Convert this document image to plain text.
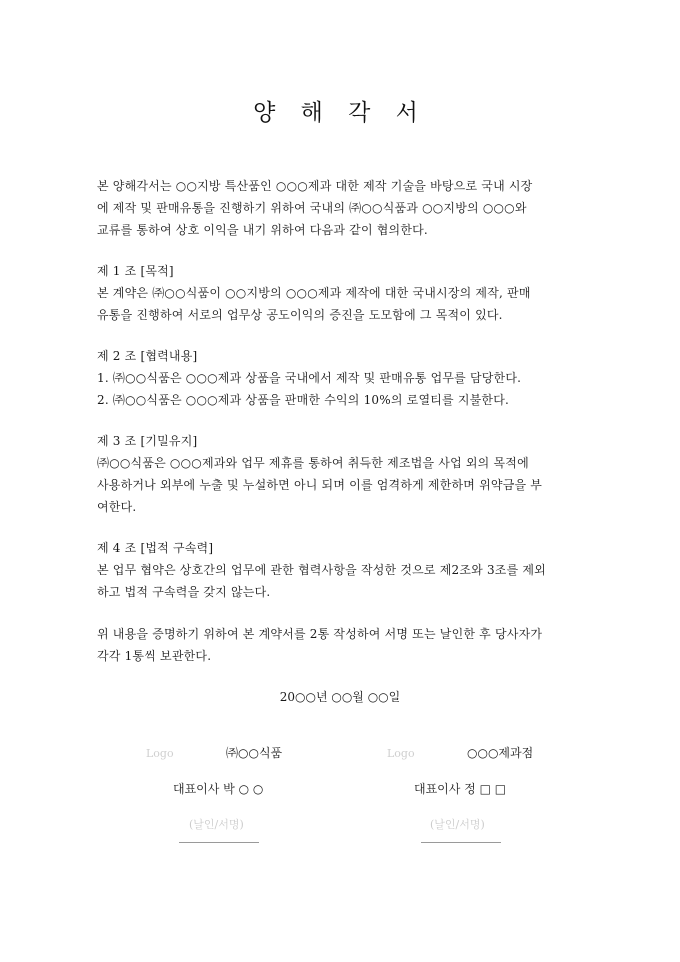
양 해 각 서

본 양해각서는 ○○지방 특산품인 ○○○제과 대한 제작 기술을 바탕으로 국내 시장

에 제작 및 판매유통을 진행하기 위하여 국내의 ㈜○○식품과 ○○지방의 ○○○와

교류를 통하여 상호 이익을 내기 위하여 다음과 같이 협의한다.

제 1 조 [목적]

본 계약은 ㈜○○식품이 ○○지방의 ○○○제과 제작에 대한 국내시장의 제작, 판매

유통을 진행하여 서로의 업무상 공도이익의 증진을 도모함에 그 목적이 있다.

제 2 조 [협력내용]

1. ㈜○○식품은 ○○○제과 상품을 국내에서 제작 및 판매유통 업무를 담당한다.

2. ㈜○○식품은 ○○○제과 상품을 판매한 수익의 10%의 로열티를 지불한다.

제 3 조 [기밀유지]

㈜○○식품은 ○○○제과와 업무 제휴를 통하여 취득한 제조법을 사업 외의 목적에

사용하거나 외부에 누출 및 누설하면 아니 되며 이를 엄격하게 제한하며 위약금을 부

여한다.

제 4 조 [법적 구속력]

본 업무 협약은 상호간의 업무에 관한 협력사항을 작성한 것으로 제2조와 3조를 제외

하고 법적 구속력을 갖지 않는다.

위 내용을 증명하기 위하여 본 계약서를 2통 작성하여 서명 또는 날인한 후 당사자가

각각 1통씩 보관한다.

20○○년 ○○월 ○○일
Logo	㈜○○식품
대표이사 박 ○ ○
(날인/서명)
Logo	○○○제과점
대표이사 정 □ □
(날인/서명)
